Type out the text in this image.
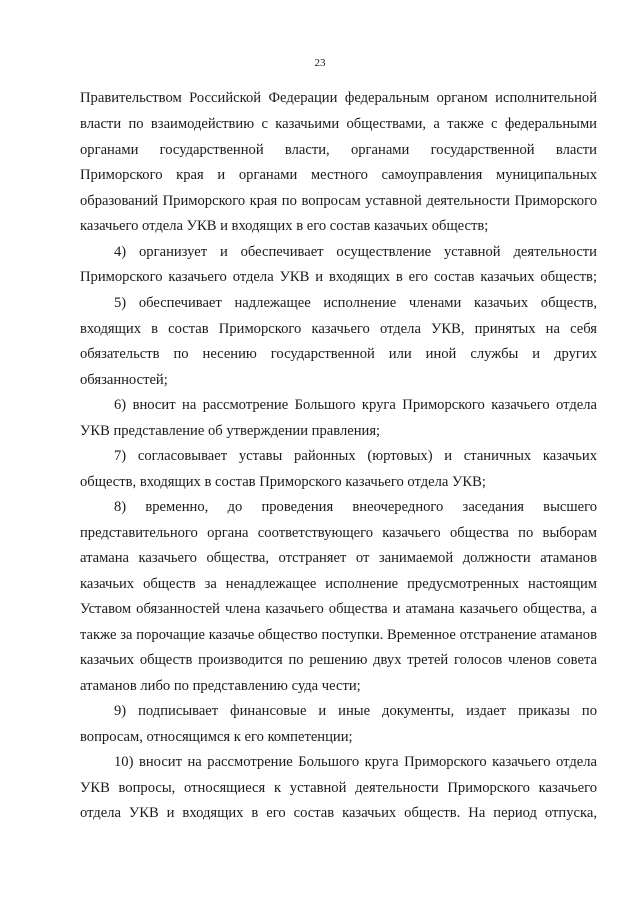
23
Правительством Российской Федерации федеральным органом исполнительной
власти по взаимодействию с казачьими обществами, а также с федеральными
органами государственной власти, органами государственной власти
Приморского края и органами местного самоуправления муниципальных
образований Приморского края по вопросам уставной деятельности Приморского
казачьего отдела УКВ и входящих в его состав казачьих обществ;
4) организует и обеспечивает осуществление уставной деятельности
Приморского казачьего отдела УКВ и входящих в его состав казачьих обществ;
5) обеспечивает надлежащее исполнение членами казачьих обществ,
входящих в состав Приморского казачьего отдела УКВ, принятых на себя
обязательств по несению государственной или иной службы и других
обязанностей;
6) вносит на рассмотрение Большого круга Приморского казачьего отдела
УКВ представление об утверждении правления;
7) согласовывает уставы районных (юртовых) и станичных казачьих
обществ, входящих в состав Приморского казачьего отдела УКВ;
8) временно, до проведения внеочередного заседания высшего
представительного органа соответствующего казачьего общества по выборам
атамана казачьего общества, отстраняет от занимаемой должности атаманов
казачьих обществ за ненадлежащее исполнение предусмотренных настоящим
Уставом обязанностей члена казачьего общества и атамана казачьего общества, а
также за порочащие казачье общество поступки. Временное отстранение атаманов
казачьих обществ производится по решению двух третей голосов членов совета
атаманов либо по представлению суда чести;
9) подписывает финансовые и иные документы, издает приказы по
вопросам, относящимся к его компетенции;
10) вносит на рассмотрение Большого круга Приморского казачьего отдела
УКВ вопросы, относящиеся к уставной деятельности Приморского казачьего
отдела УКВ и входящих в его состав казачьих обществ. На период отпуска,
